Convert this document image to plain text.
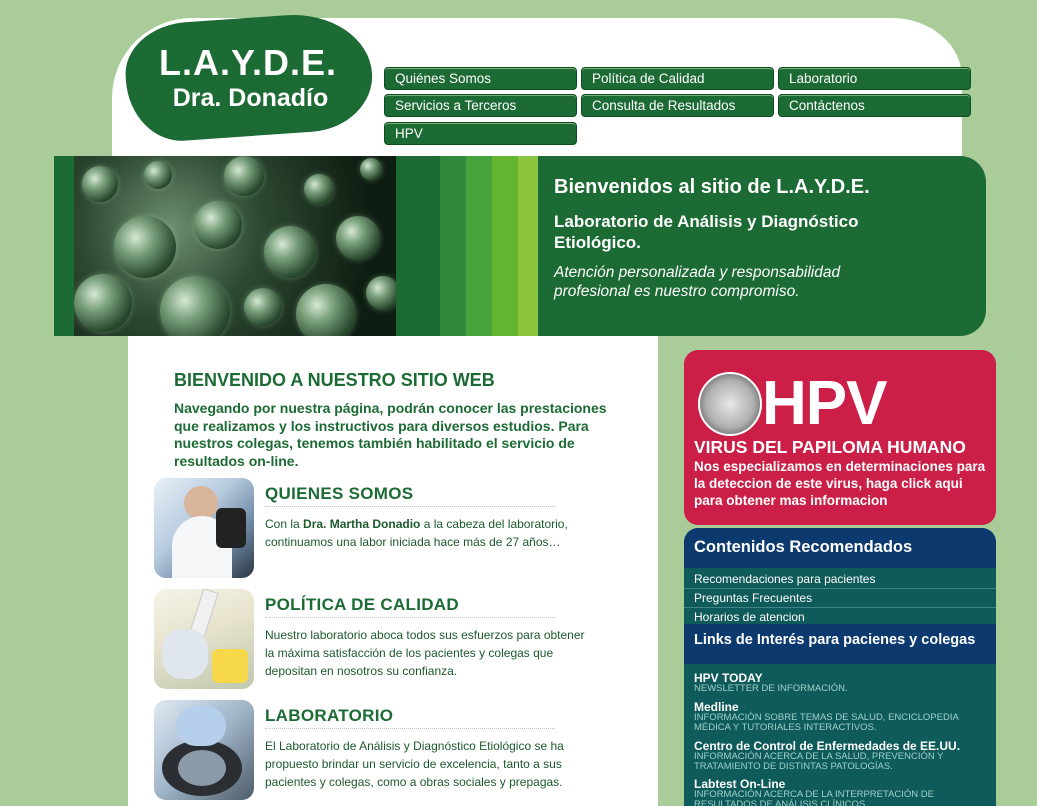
L.A.Y.D.E.
Dra. Donadío
Quiénes Somos	Política de Calidad	Laboratorio
Servicios a Terceros	Consulta de Resultados	Contáctenos
HPV
Bienvenidos al sitio de L.A.Y.D.E.
Laboratorio de Análisis y Diagnóstico Etiológico.
Atención personalizada y responsabilidad profesional es nuestro compromiso.
BIENVENIDO A NUESTRO SITIO WEB

Navegando por nuestra página, podrán conocer las prestaciones que realizamos y los instructivos para diversos estudios. Para nuestros colegas, tenemos también habilitado el servicio de resultados on-line.

QUIENES SOMOS
Con la Dra. Martha Donadio a la cabeza del laboratorio, continuamos una labor iniciada hace más de 27 años…
POLÍTICA DE CALIDAD
Nuestro laboratorio aboca todos sus esfuerzos para obtener la máxima satisfacción de los pacientes y colegas que depositan en nosotros su confianza.
LABORATORIO
El Laboratorio de Análisis y Diagnóstico Etiológico se ha propuesto brindar un servicio de excelencia, tanto a sus pacientes y colegas, como a obras sociales y prepagas.
HPV
VIRUS DEL PAPILOMA HUMANO
Nos especializamos en determinaciones para la deteccion de este virus, haga click aqui para obtener mas informacion
Contenidos Recomendados
Recomendaciones para pacientes
Preguntas Frecuentes
Horarios de atencion
Links de Interés para pacienes y colegas
HPV TODAY
NEWSLETTER DE INFORMACIÓN.
Medline
INFORMACIÓN SOBRE TEMAS DE SALUD, ENCICLOPEDIA MÉDICA Y TUTORIALES INTERACTIVOS.
Centro de Control de Enfermedades de EE.UU.
INFORMACIÓN ACERCA DE LA SALUD, PREVENCIÓN Y TRATAMIENTO DE DISTINTAS PATOLOGÍAS.
Labtest On-Line
INFORMACIÓN ACERCA DE LA INTERPRETACIÓN DE RESULTADOS DE ANÁLISIS CLÍNICOS.
